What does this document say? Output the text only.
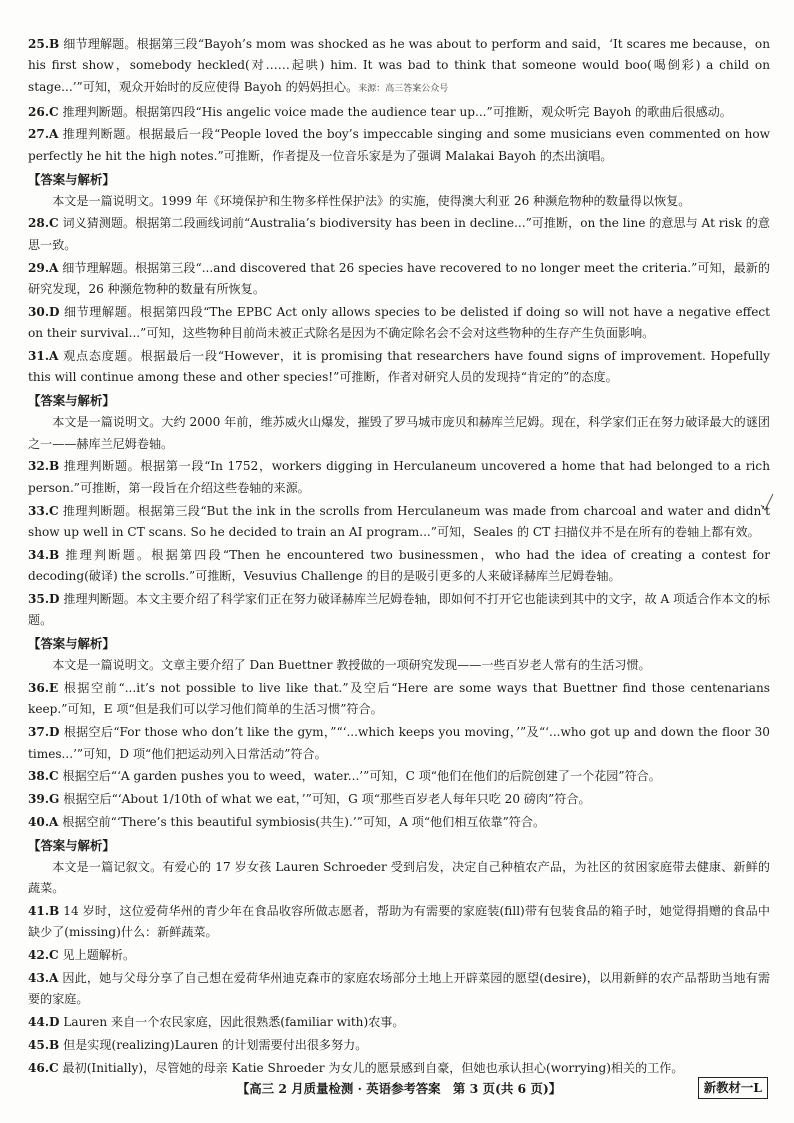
25.B 细节理解题。根据第三段“Bayoh’s mom was shocked as he was about to perform and said，‘It scares me because，on his first show，somebody heckled(对……起哄) him. It was bad to think that someone would boo(喝倒彩) a child on stage...’”可知，观众开始时的反应使得 Bayoh 的妈妈担心。来源：高三答案公众号
26.C 推理判断题。根据第四段“His angelic voice made the audience tear up...”可推断，观众听完 Bayoh 的歌曲后很感动。
27.A 推理判断题。根据最后一段“People loved the boy’s impeccable singing and some musicians even commented on how perfectly he hit the high notes.”可推断，作者提及一位音乐家是为了强调 Malakai Bayoh 的杰出演唱。
【答案与解析】
本文是一篇说明文。1999 年《环境保护和生物多样性保护法》的实施，使得澳大利亚 26 种濒危物种的数量得以恢复。
28.C 词义猜测题。根据第二段画线词前“Australia’s biodiversity has been in decline...”可推断，on the line 的意思与 At risk 的意思一致。
29.A 细节理解题。根据第三段“...and discovered that 26 species have recovered to no longer meet the criteria.”可知，最新的研究发现，26 种濒危物种的数量有所恢复。
30.D 细节理解题。根据第四段“The EPBC Act only allows species to be delisted if doing so will not have a negative effect on their survival...”可知，这些物种目前尚未被正式除名是因为不确定除名会不会对这些物种的生存产生负面影响。
31.A 观点态度题。根据最后一段“However，it is promising that researchers have found signs of improvement. Hopefully this will continue among these and other species!”可推断，作者对研究人员的发现持“肯定的”的态度。
【答案与解析】
本文是一篇说明文。大约 2000 年前，维苏威火山爆发，摧毁了罗马城市庞贝和赫库兰尼姆。现在，科学家们正在努力破译最大的谜团之一——赫库兰尼姆卷轴。
32.B 推理判断题。根据第一段“In 1752，workers digging in Herculaneum uncovered a home that had belonged to a rich person.”可推断，第一段旨在介绍这些卷轴的来源。
33.C 推理判断题。根据第三段“But the ink in the scrolls from Herculaneum was made from charcoal and water and didn’t show up well in CT scans. So he decided to train an AI program...”可知，Seales 的 CT 扫描仪并不是在所有的卷轴上都有效。
34.B 推理判断题。根据第四段“Then he encountered two businessmen，who had the idea of creating a contest for decoding(破译) the scrolls.”可推断，Vesuvius Challenge 的目的是吸引更多的人来破译赫库兰尼姆卷轴。
35.D 推理判断题。本文主要介绍了科学家们正在努力破译赫库兰尼姆卷轴，即如何不打开它也能读到其中的文字，故 A 项适合作本文的标题。
【答案与解析】
本文是一篇说明文。文章主要介绍了 Dan Buettner 教授做的一项研究发现——一些百岁老人常有的生活习惯。
36.E 根据空前“...it’s not possible to live like that.”及空后“Here are some ways that Buettner find those centenarians keep.”可知，E 项“但是我们可以学习他们简单的生活习惯”符合。
37.D 根据空后“For those who don’t like the gym，”“‘...which keeps you moving，’”及“‘...who got up and down the floor 30 times...’”可知，D 项“他们把运动列入日常活动”符合。
38.C 根据空后“‘A garden pushes you to weed，water...’”可知，C 项“他们在他们的后院创建了一个花园”符合。
39.G 根据空后“‘About 1/10th of what we eat，’”可知，G 项“那些百岁老人每年只吃 20 磅肉”符合。
40.A 根据空前“‘There’s this beautiful symbiosis(共生).’”可知，A 项“他们相互依靠”符合。
【答案与解析】
本文是一篇记叙文。有爱心的 17 岁女孩 Lauren Schroeder 受到启发，决定自己种植农产品，为社区的贫困家庭带去健康、新鲜的蔬菜。
41.B 14 岁时，这位爱荷华州的青少年在食品收容所做志愿者，帮助为有需要的家庭装(fill)带有包装食品的箱子时，她觉得捐赠的食品中缺少了(missing)什么：新鲜蔬菜。
42.C 见上题解析。
43.A 因此，她与父母分享了自己想在爱荷华州迪克森市的家庭农场部分土地上开辟菜园的愿望(desire)，以用新鲜的农产品帮助当地有需要的家庭。
44.D Lauren 来自一个农民家庭，因此很熟悉(familiar with)农事。
45.B 但是实现(realizing)Lauren 的计划需要付出很多努力。
46.C 最初(Initially)，尽管她的母亲 Katie Shroeder 为女儿的愿景感到自豪，但她也承认担心(worrying)相关的工作。
【高三 2 月质量检测 · 英语参考答案　第 3 页(共 6 页)】	新教材一L
